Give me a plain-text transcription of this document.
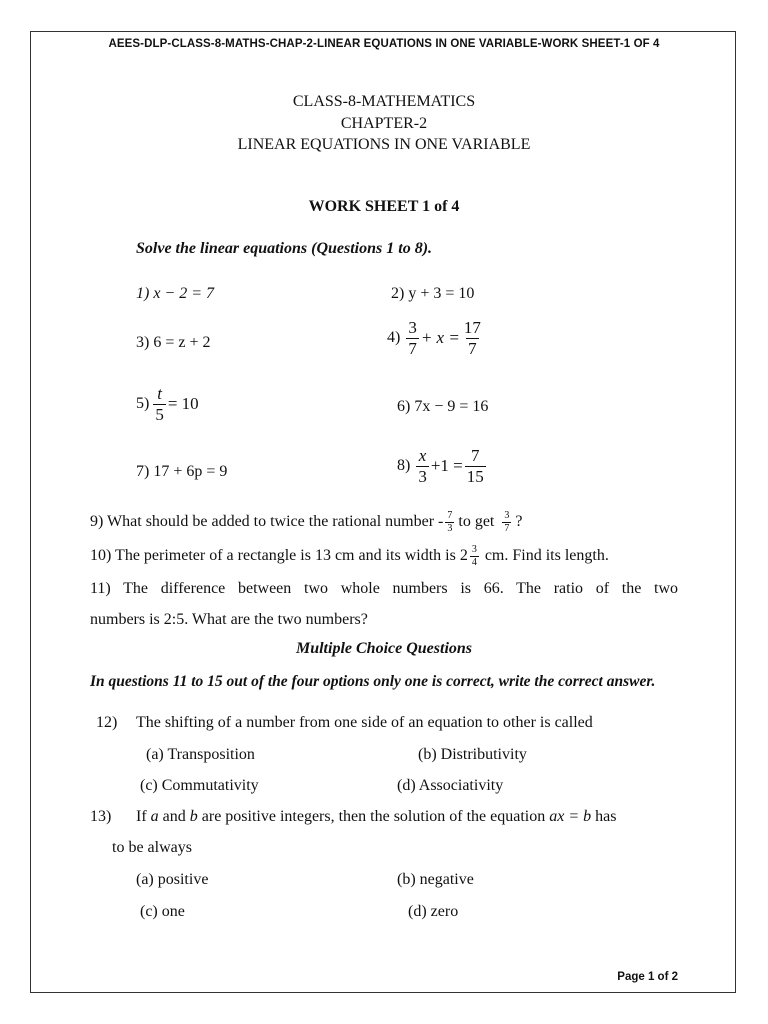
AEES-DLP-CLASS-8-MATHS-CHAP-2-LINEAR EQUATIONS IN ONE VARIABLE-WORK SHEET-1 OF 4
CLASS-8-MATHEMATICS
CHAPTER-2
LINEAR EQUATIONS IN ONE VARIABLE
WORK SHEET 1 of 4
Solve the linear equations (Questions 1 to 8).
1) x − 2 = 7	2) y + 3 = 10
3) 6 = z + 2	$4) \frac{3}{7} + x = \frac{17}{7}$
$5) \frac{t}{5} = 10$	6) 7x − 9 = 16
7) 17 + 6p = 9	$8) \frac{x}{3} +1 = \frac{7}{15}$
9) What should be added to twice the rational number - $\frac{7}{3}$ to get $\frac{3}{7}$ ?
10) The perimeter of a rectangle is 13 cm and its width is $2 \frac{3}{4}$ cm. Find its length.
11) The difference between two whole numbers is 66. The ratio of the two
numbers is 2:5. What are the two numbers?
Multiple Choice Questions
In questions 11 to 15 out of the four options only one is correct, write the correct answer.
12) The shifting of a number from one side of an equation to other is called
(a) Transposition	(b) Distributivity
(c) Commutativity	(d) Associativity
13) If a and b are positive integers, then the solution of the equation ax = b has
to be always
(a) positive	(b) negative
(c) one	(d) zero
Page 1 of 2
